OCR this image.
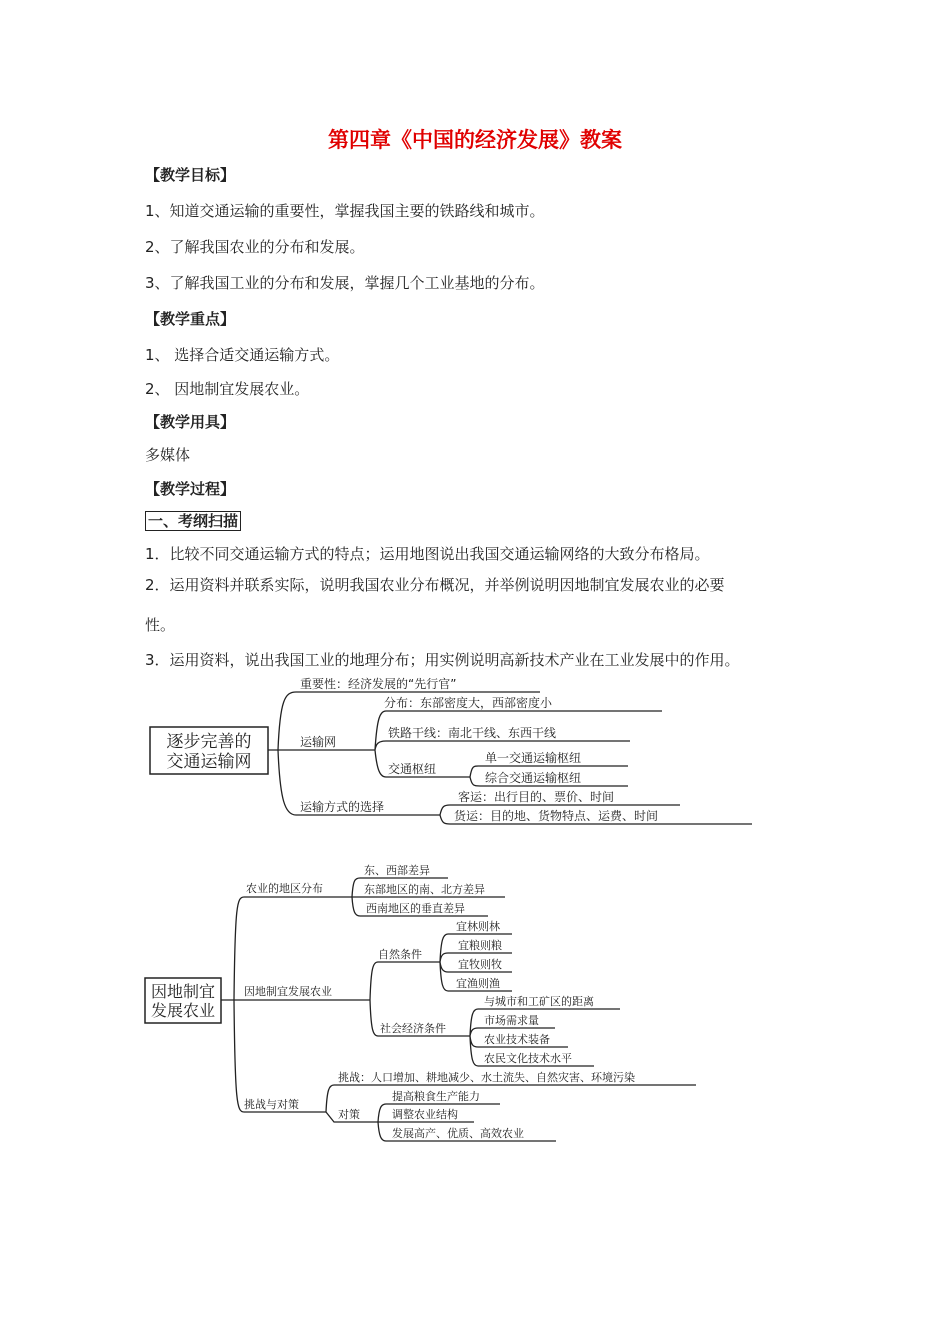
第四章《中国的经济发展》教案
【教学目标】
1、知道交通运输的重要性，掌握我国主要的铁路线和城市。
2、了解我国农业的分布和发展。
3、了解我国工业的分布和发展，掌握几个工业基地的分布。
【教学重点】
1、 选择合适交通运输方式。
2、 因地制宜发展农业。
【教学用具】
多媒体
【教学过程】
一、考纲扫描
1．比较不同交通运输方式的特点；运用地图说出我国交通运输网络的大致分布格局。
2．运用资料并联系实际，说明我国农业分布概况，并举例说明因地制宜发展农业的必要
性。
3．运用资料，说出我国工业的地理分布；用实例说明高新技术产业在工业发展中的作用。
逐步完善的
交通运输网
重要性：经济发展的“先行官”
运输网
分布：东部密度大，西部密度小
铁路干线：南北干线、东西干线
交通枢纽
单一交通运输枢纽
综合交通运输枢纽
运输方式的选择
客运：出行目的、票价、时间
货运：目的地、货物特点、运费、时间
因地制宜
发展农业
农业的地区分布
东、西部差异
东部地区的南、北方差异
西南地区的垂直差异
因地制宜发展农业
自然条件
宜林则林
宜粮则粮
宜牧则牧
宜渔则渔
社会经济条件
与城市和工矿区的距离
市场需求量
农业技术装备
农民文化技术水平
挑战与对策
挑战：人口增加、耕地减少、水土流失、自然灾害、环境污染
对策
提高粮食生产能力
调整农业结构
发展高产、优质、高效农业
